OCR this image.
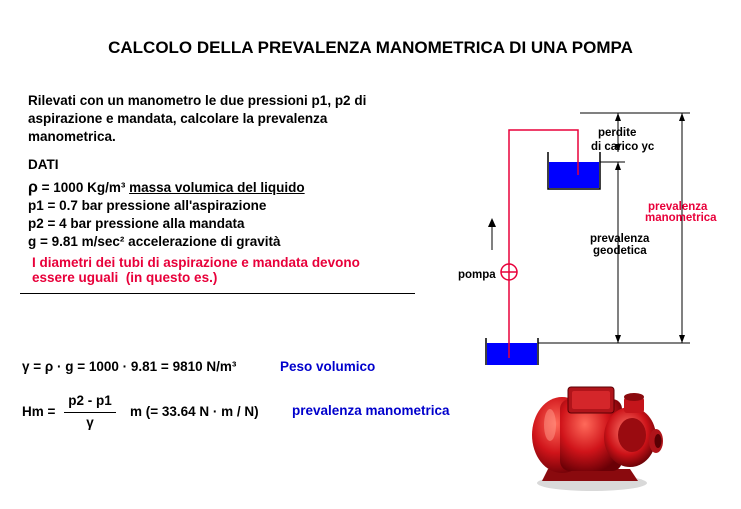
CALCOLO DELLA PREVALENZA MANOMETRICA DI UNA POMPA
Rilevati con un manometro le due pressioni p1, p2 di aspirazione e mandata, calcolare la prevalenza manometrica.
DATI
ρ = 1000 Kg/m³ massa volumica del liquido
p1 = 0.7 bar pressione all'aspirazione
p2 = 4 bar pressione alla mandata
g = 9.81 m/sec² accelerazione di gravità
I diametri dei tubi di aspirazione e mandata devono
essere uguali (in questo es.)
γ = ρ · g = 1000 · 9.81 = 9810 N/m³	Peso volumico
Hm =
p2 - p1
γ
m (= 33.64 N · m / N) prevalenza manometrica
perdite
di carico yc
prevalenza
manometrica
prevalenza
geodetica
pompa
